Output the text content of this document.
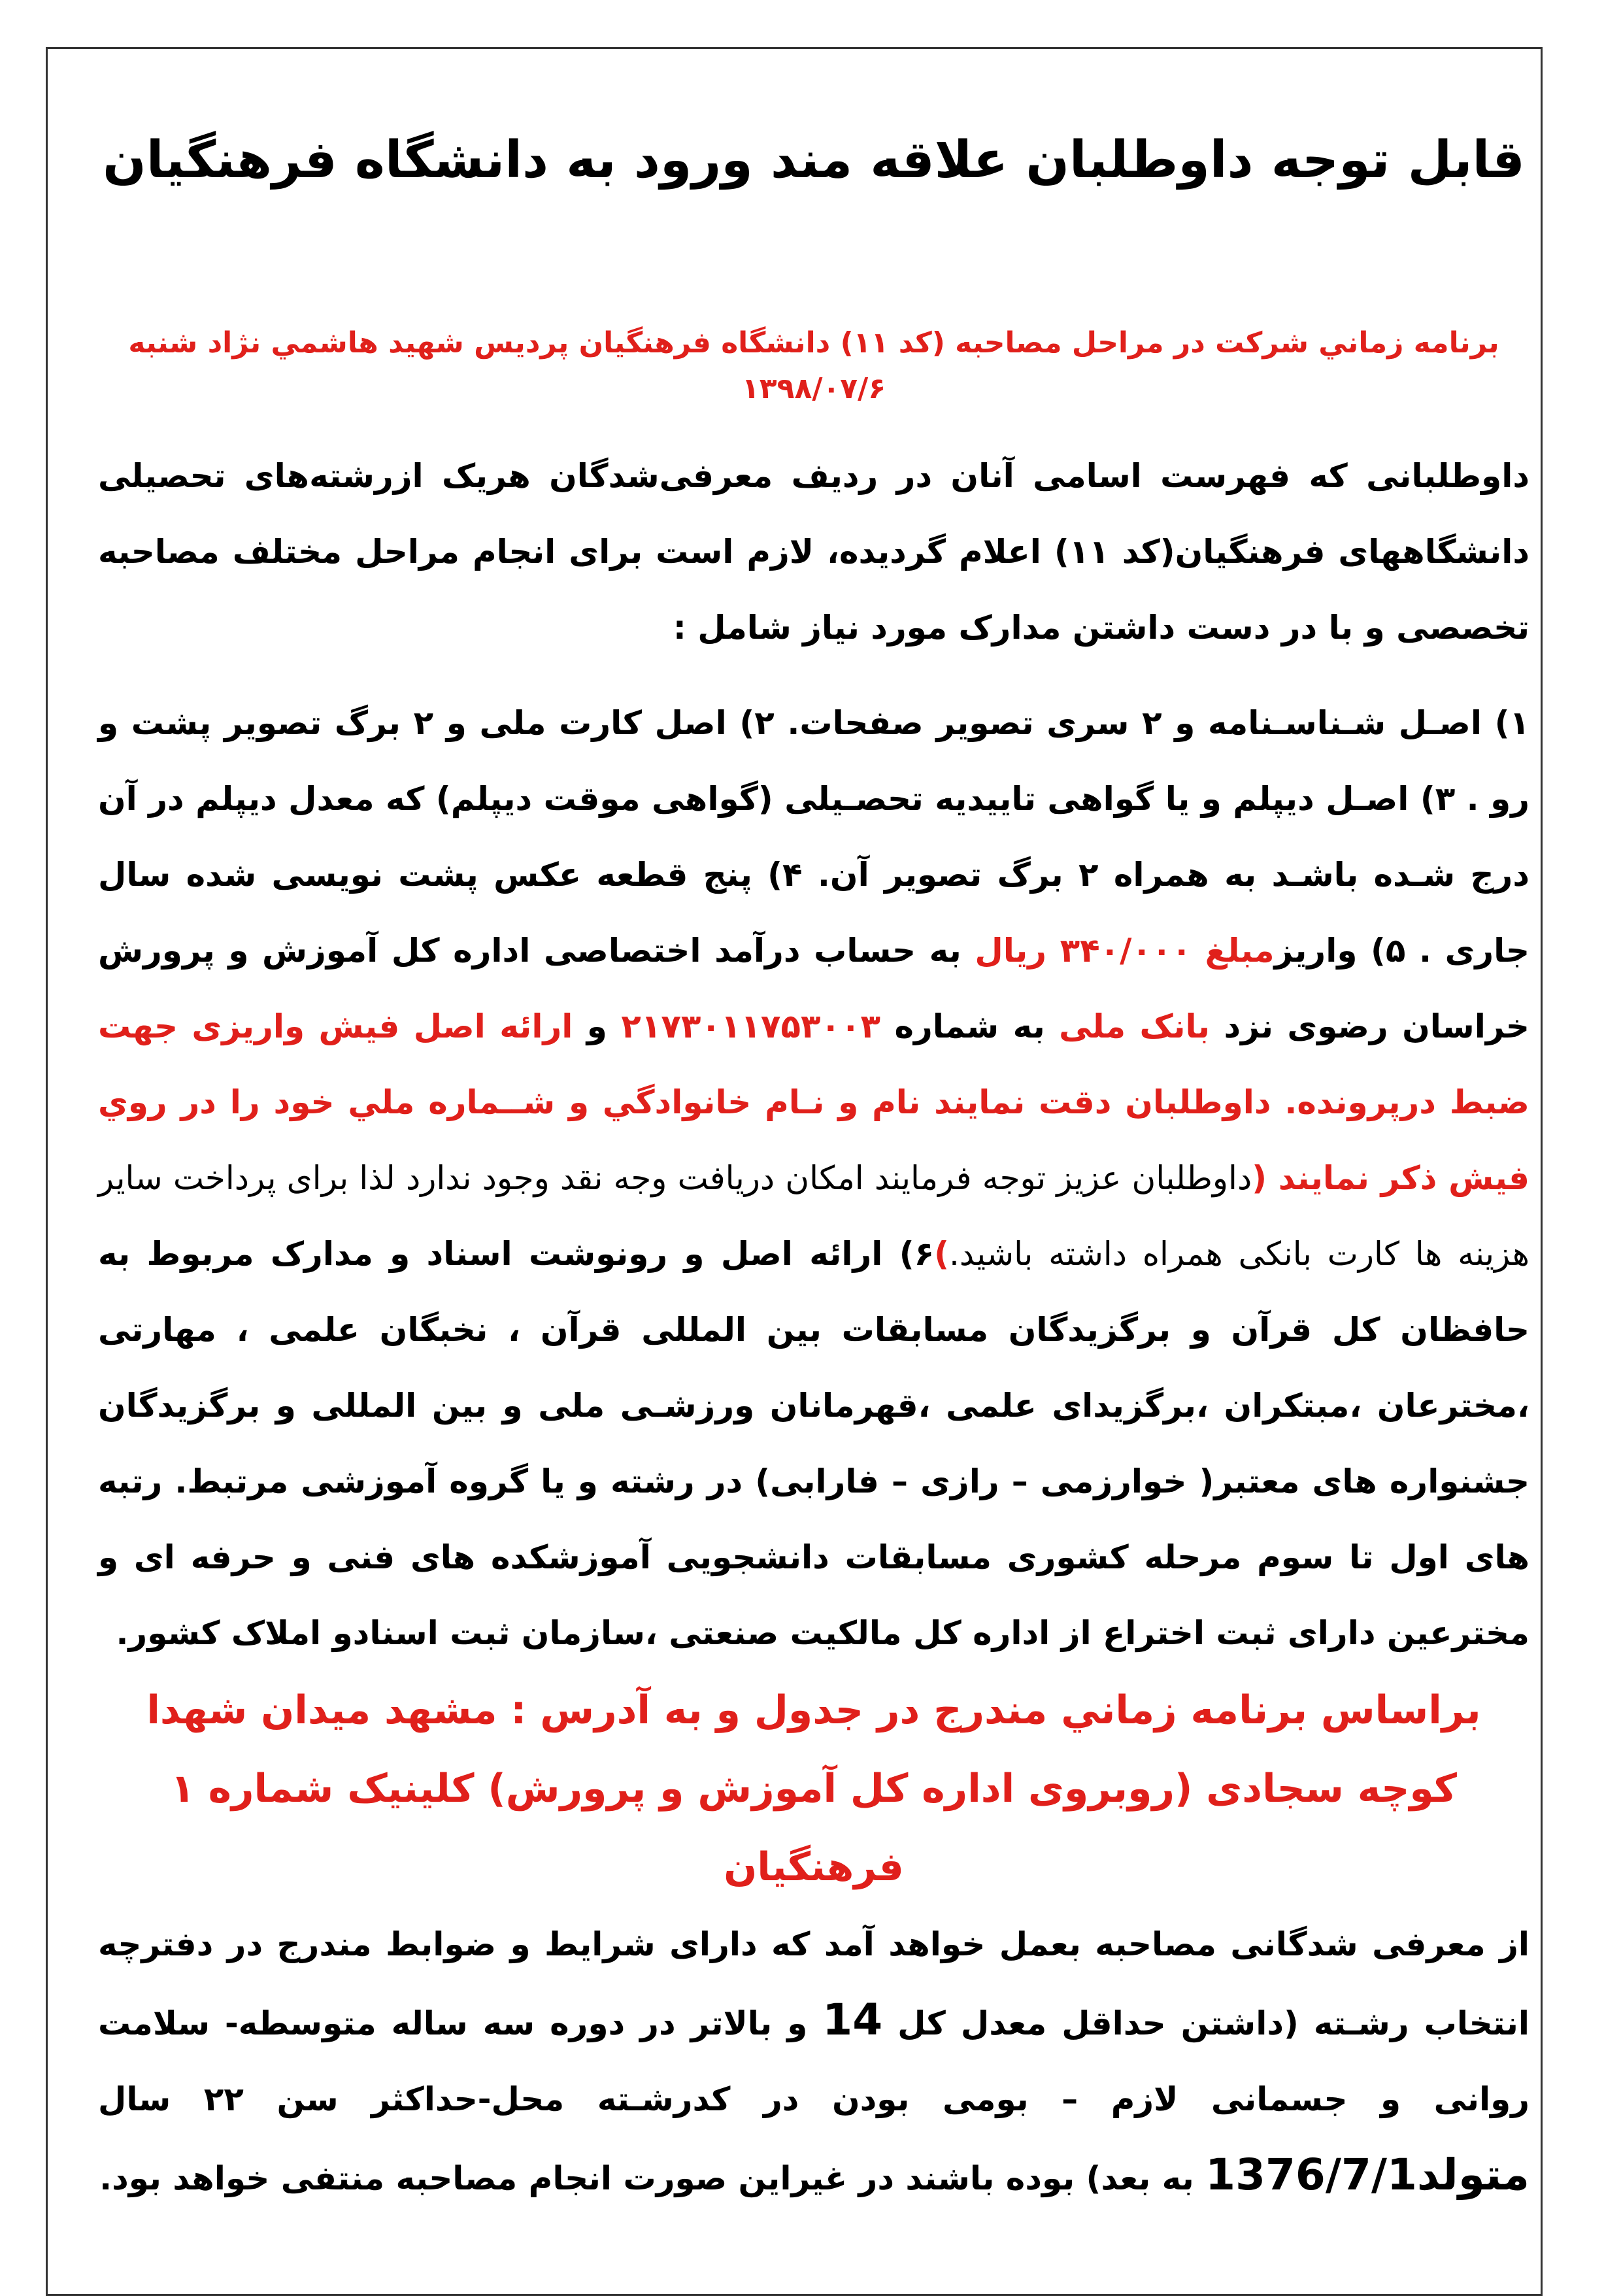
قابل توجه داوطلبان علاقه مند ورود به دانشگاه فرهنگیان

برنامه زماني شرکت در مراحل مصاحبه (کد ۱۱) دانشگاه فرهنگيان پرديس شهيد هاشمي نژاد شنبه ۱۳۹۸/۰۷/۶

داوطلبانی که فهرست اسامی آنان در ردیف معرفی‌شدگان هریک ازرشته‌های تحصیلی دانشگاههای فرهنگیان(کد ۱۱) اعلام گردیده، لازم است برای انجام مراحل مختلف مصاحبه تخصصی و با در دست داشتن مدارک مورد نیاز شامل :

۱) اصـل شـناسـنامه و ۲ سری تصویر صفحات. ۲) اصل کارت ملی و ۲ برگ تصویر پشت و رو . ۳) اصـل دیپلم و یا گواهی تاییدیه تحصـیلی (گواهی موقت دیپلم) که معدل دیپلم در آن درج شـده باشـد به همراه ۲ برگ تصویر آن. ۴) پنج قطعه عکس پشت نویسی شده سال جاری . ۵) واریزمبلغ ۳۴۰/۰۰۰ ریال به حساب درآمد اختصاصی اداره کل آموزش و پرورش خراسان رضوی نزد بانک ملی به شماره ۲۱۷۳۰۱۱۷۵۳۰۰۳ و ارائه اصل فیش واریزی جهت ضبط درپرونده. داوطلبان دقت نمایند نام و نـام خانوادگي و شــماره ملي خود را در روي فيش ذكر نمايند (داوطلبان عزیز توجه فرمایند امکان دریافت وجه نقد وجود ندارد لذا برای پرداخت سایر هزینه ها کارت بانکی همراه داشته باشید.)۶) ارائه اصل و رونوشت اسناد و مدارک مربوط به حافظان کل قرآن و برگزیدگان مسابقات بین المللی قرآن ، نخبگان علمی ، مهارتی ،مخترعان ،مبتکران ،برگزیدای علمی ،قهرمانان ورزشـی ملی و بین المللی و برگزیدگان جشنواره های معتبر( خوارزمی – رازی – فارابی) در رشته و یا گروه آموزشی مرتبط. رتبه های اول تا سوم مرحله کشوری مسابقات دانشجویی آموزشکده های فنی و حرفه ای و مخترعین دارای ثبت اختراع از اداره کل مالکیت صنعتی ،سازمان ثبت اسنادو املاک کشور.

براساس برنامه زماني مندرج در جدول و به آدرس : مشهد ميدان شهدا كوچه سجادی (روبروی اداره کل آموزش و پرورش) کلینیک شماره ۱ فرهنگیان

از معرفی شدگانی مصاحبه بعمل خواهد آمد که دارای شرایط و ضوابط مندرج در دفترچه انتخاب رشـته (داشتن حداقل معدل کل 14 و بالاتر در دوره سه ساله متوسطه- سلامت روانی و جسمانی لازم – بومی بودن در کدرشـته محل-حداکثر سن ۲۲ سال متولد1376/7/1 به بعد) بوده باشند در غیراین صورت انجام مصاحبه منتفی خواهد بود.
